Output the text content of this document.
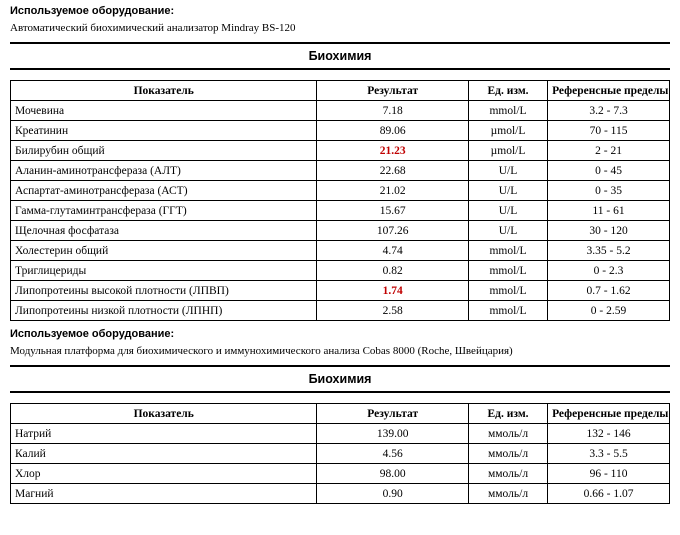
Используемое оборудование:

Автоматический биохимический анализатор Mindray BS-120

Биохимия
Показатель	Результат	Ед. изм.	Референсные пределы
Мочевина	7.18	mmol/L	3.2 - 7.3
Креатинин	89.06	µmol/L	70 - 115
Билирубин общий	21.23	µmol/L	2 - 21
Аланин-аминотрансфераза (АЛТ)	22.68	U/L	0 - 45
Аспартат-аминотрансфераза (АСТ)	21.02	U/L	0 - 35
Гамма-глутаминтрансфераза (ГГТ)	15.67	U/L	11 - 61
Щелочная фосфатаза	107.26	U/L	30 - 120
Холестерин общий	4.74	mmol/L	3.35 - 5.2
Триглицериды	0.82	mmol/L	0 - 2.3
Липопротеины высокой плотности (ЛПВП)	1.74	mmol/L	0.7 - 1.62
Липопротеины низкой плотности (ЛПНП)	2.58	mmol/L	0 - 2.59

Используемое оборудование:

Модульная платформа для биохимического и иммунохимического анализа Cobas 8000 (Roche, Швейцария)

Биохимия
Показатель	Результат	Ед. изм.	Референсные пределы
Натрий	139.00	ммоль/л	132 - 146
Калий	4.56	ммоль/л	3.3 - 5.5
Хлор	98.00	ммоль/л	96 - 110
Магний	0.90	ммоль/л	0.66 - 1.07
